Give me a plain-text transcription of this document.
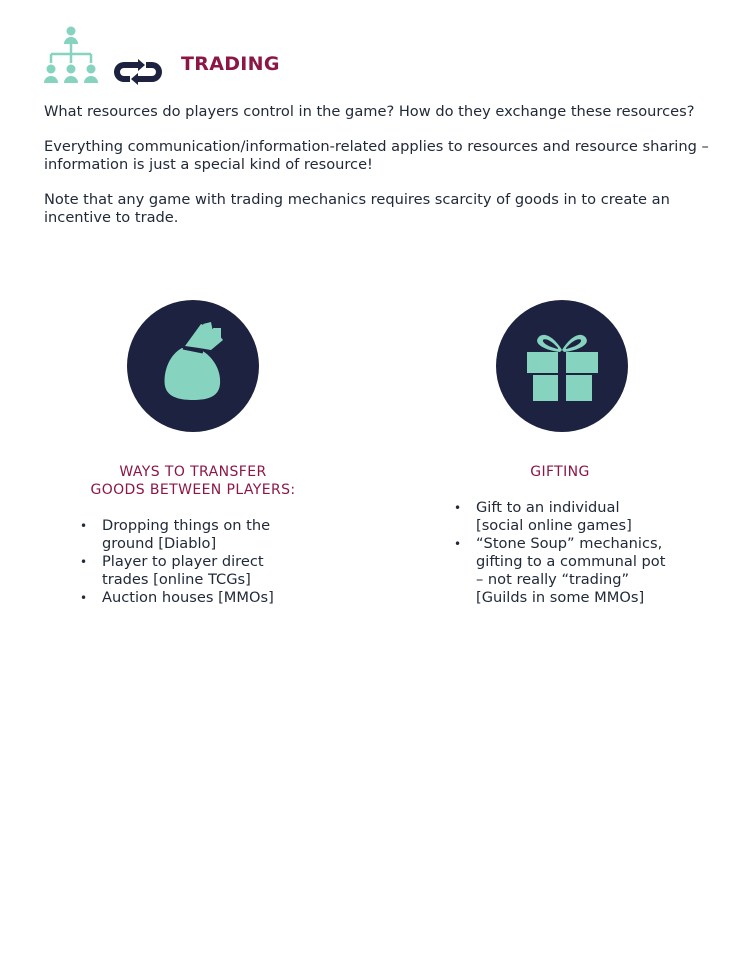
TRADING

What resources do players control in the game? How do they exchange these resources?

Everything communication/information-related applies to resources and resource sharing – information is just a special kind of resource!

Note that any game with trading mechanics requires scarcity of goods in to create an incentive to trade.

WAYS TO TRANSFER
GOODS BETWEEN PLAYERS:
• Dropping things on the ground [Diablo]
• Player to player direct trades [online TCGs]
• Auction houses [MMOs]
GIFTING
• Gift to an individual [social online games]
• “Stone Soup” mechanics, gifting to a communal pot – not really “trading” [Guilds in some MMOs]
